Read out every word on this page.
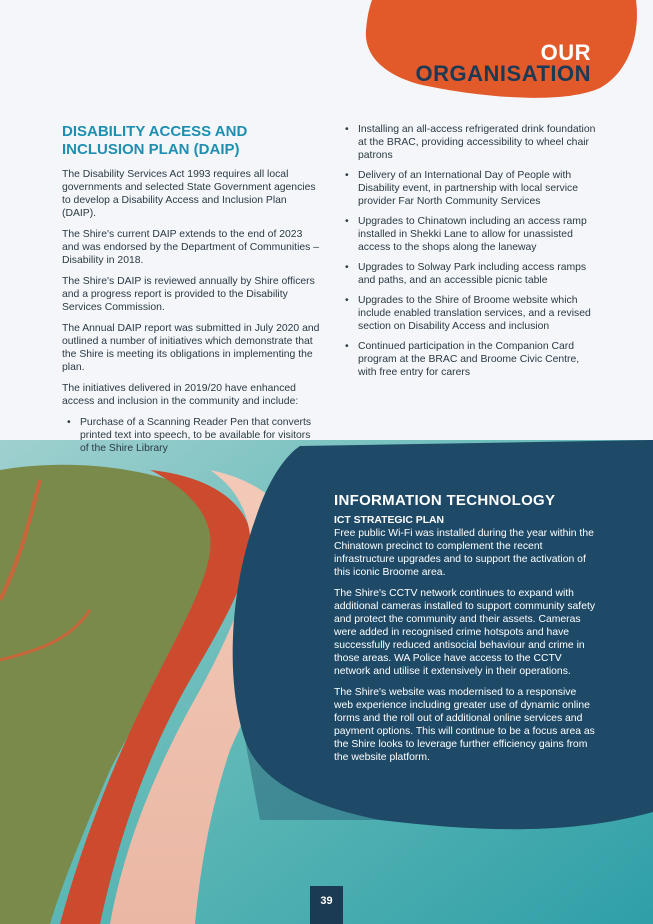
OUR
ORGANISATION
DISABILITY ACCESS AND INCLUSION PLAN (DAIP)

The Disability Services Act 1993 requires all local governments and selected State Government agencies to develop a Disability Access and Inclusion Plan (DAIP).

The Shire's current DAIP extends to the end of 2023 and was endorsed by the Department of Communities – Disability in 2018.

The Shire's DAIP is reviewed annually by Shire officers and a progress report is provided to the Disability Services Commission.

The Annual DAIP report was submitted in July 2020 and outlined a number of initiatives which demonstrate that the Shire is meeting its obligations in implementing the plan.

The initiatives delivered in 2019/20 have enhanced access and inclusion in the community and include:

• Purchase of a Scanning Reader Pen that converts printed text into speech, to be available for visitors of the Shire Library
• Installing an all-access refrigerated drink foundation at the BRAC, providing accessibility to wheel chair patrons
• Delivery of an International Day of People with Disability event, in partnership with local service provider Far North Community Services
• Upgrades to Chinatown including an access ramp installed in Shekki Lane to allow for unassisted access to the shops along the laneway
• Upgrades to Solway Park including access ramps and paths, and an accessible picnic table
• Upgrades to the Shire of Broome website which include enabled translation services, and a revised section on Disability Access and inclusion
• Continued participation in the Companion Card program at the BRAC and Broome Civic Centre, with free entry for carers
INFORMATION TECHNOLOGY
ICT STRATEGIC PLAN

Free public Wi-Fi was installed during the year within the Chinatown precinct to complement the recent infrastructure upgrades and to support the activation of this iconic Broome area.

The Shire's CCTV network continues to expand with additional cameras installed to support community safety and protect the community and their assets. Cameras were added in recognised crime hotspots and have successfully reduced antisocial behaviour and crime in those areas. WA Police have access to the CCTV network and utilise it extensively in their operations.

The Shire's website was modernised to a responsive web experience including greater use of dynamic online forms and the roll out of additional online services and payment options. This will continue to be a focus area as the Shire looks to leverage further efficiency gains from the website platform.

39
